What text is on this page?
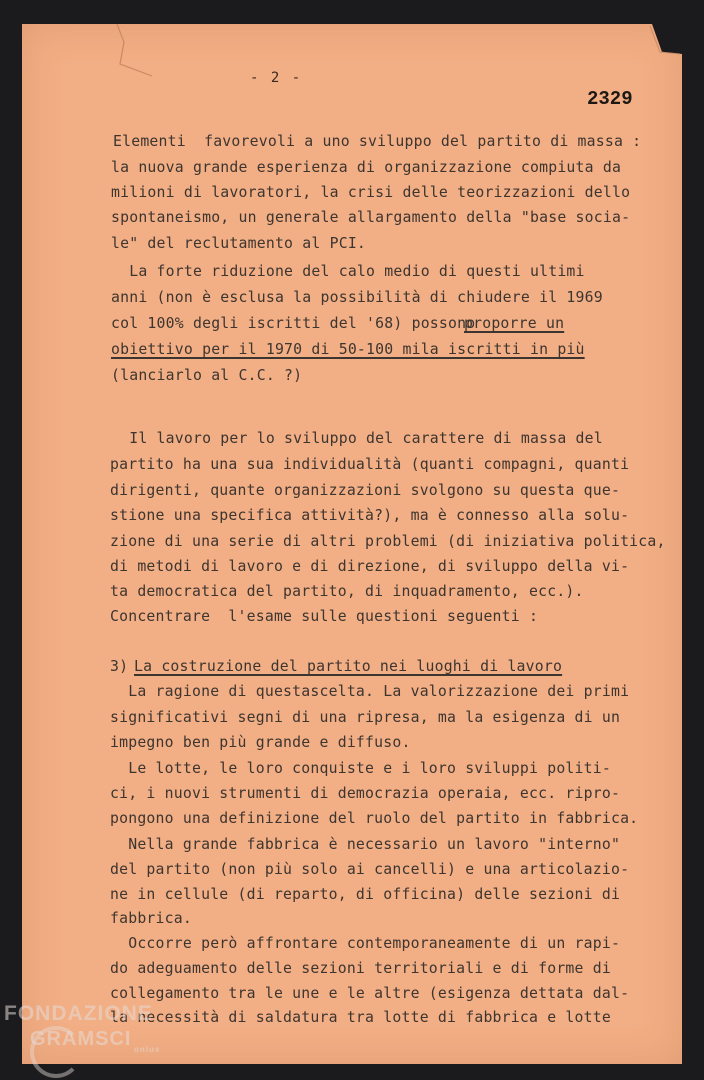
- 2 -
2329
Elementi  favorevoli a uno sviluppo del partito di massa :
la nuova grande esperienza di organizzazione compiuta da
milioni di lavoratori, la crisi delle teorizzazioni dello
spontaneismo, un generale allargamento della "base socia-
le" del reclutamento al PCI.
La forte riduzione del calo medio di questi ultimi
anni (non è esclusa la possibilità di chiudere il 1969
col 100% degli iscritti del '68) possono
proporre un
obiettivo per il 1970 di 50-100 mila iscritti in più
(lanciarlo al C.C. ?)
Il lavoro per lo sviluppo del carattere di massa del
partito ha una sua individualità (quanti compagni, quanti
dirigenti, quante organizzazioni svolgono su questa que-
stione una specifica attività?), ma è connesso alla solu-
zione di una serie di altri problemi (di iniziativa politica,
di metodi di lavoro e di direzione, di sviluppo della vi-
ta democratica del partito, di inquadramento, ecc.).
Concentrare  l'esame sulle questioni seguenti :
3) La costruzione del partito nei luoghi di lavoro
La ragione di questascelta. La valorizzazione dei primi
significativi segni di una ripresa, ma la esigenza di un
impegno ben più grande e diffuso.
Le lotte, le loro conquiste e i loro sviluppi politi-
ci, i nuovi strumenti di democrazia operaia, ecc. ripro-
pongono una definizione del ruolo del partito in fabbrica.
Nella grande fabbrica è necessario un lavoro "interno"
del partito (non più solo ai cancelli) e una articolazio-
ne in cellule (di reparto, di officina) delle sezioni di
fabbrica.
Occorre però affrontare contemporaneamente di un rapi-
do adeguamento delle sezioni territoriali e di forme di
collegamento tra le une e le altre (esigenza dettata dal-
la necessità di saldatura tra lotte di fabbrica e lotte
FONDAZIONE
GRAMSCI onlus
